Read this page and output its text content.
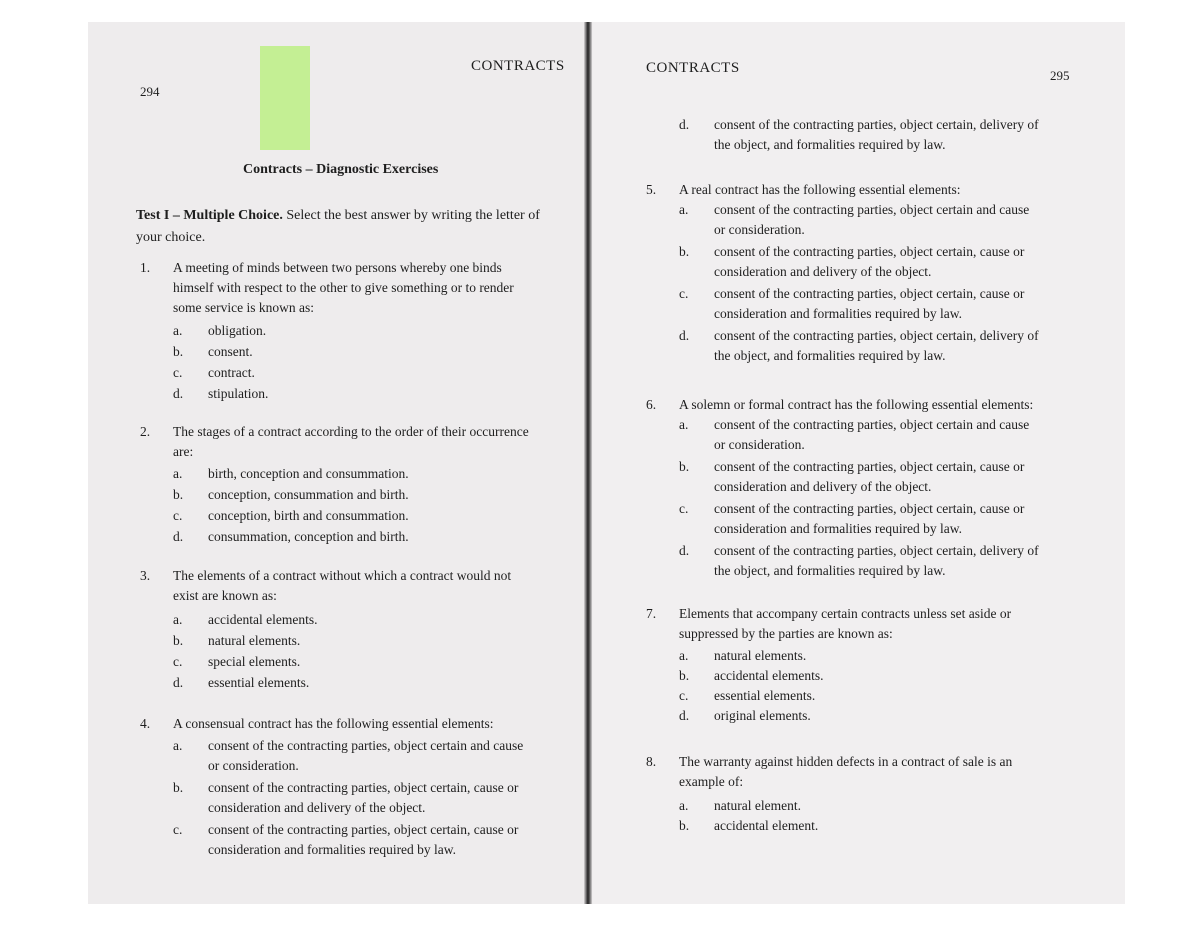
CONTRACTS
294
Contracts – Diagnostic Exercises
Test I – Multiple Choice. Select the best answer by writing the letter of
your choice.
1. A meeting of minds between two persons whereby one binds
himself with respect to the other to give something or to render
some service is known as:
a. obligation.
b. consent.
c. contract.
d. stipulation.
2. The stages of a contract according to the order of their occurrence
are:
a. birth, conception and consummation.
b. conception, consummation and birth.
c. conception, birth and consummation.
d. consummation, conception and birth.
3. The elements of a contract without which a contract would not
exist are known as:
a. accidental elements.
b. natural elements.
c. special elements.
d. essential elements.
4. A consensual contract has the following essential elements:
a. consent of the contracting parties, object certain and cause
or consideration.
b. consent of the contracting parties, object certain, cause or
consideration and delivery of the object.
c. consent of the contracting parties, object certain, cause or
consideration and formalities required by law.
CONTRACTS	295
d. consent of the contracting parties, object certain, delivery of
the object, and formalities required by law.
5. A real contract has the following essential elements:
a. consent of the contracting parties, object certain and cause
or consideration.
b. consent of the contracting parties, object certain, cause or
consideration and delivery of the object.
c. consent of the contracting parties, object certain, cause or
consideration and formalities required by law.
d. consent of the contracting parties, object certain, delivery of
the object, and formalities required by law.
6. A solemn or formal contract has the following essential elements:
a. consent of the contracting parties, object certain and cause
or consideration.
b. consent of the contracting parties, object certain, cause or
consideration and delivery of the object.
c. consent of the contracting parties, object certain, cause or
consideration and formalities required by law.
d. consent of the contracting parties, object certain, delivery of
the object, and formalities required by law.
7. Elements that accompany certain contracts unless set aside or
suppressed by the parties are known as:
a. natural elements.
b. accidental elements.
c. essential elements.
d. original elements.
8. The warranty against hidden defects in a contract of sale is an
example of:
a. natural element.
b. accidental element.
